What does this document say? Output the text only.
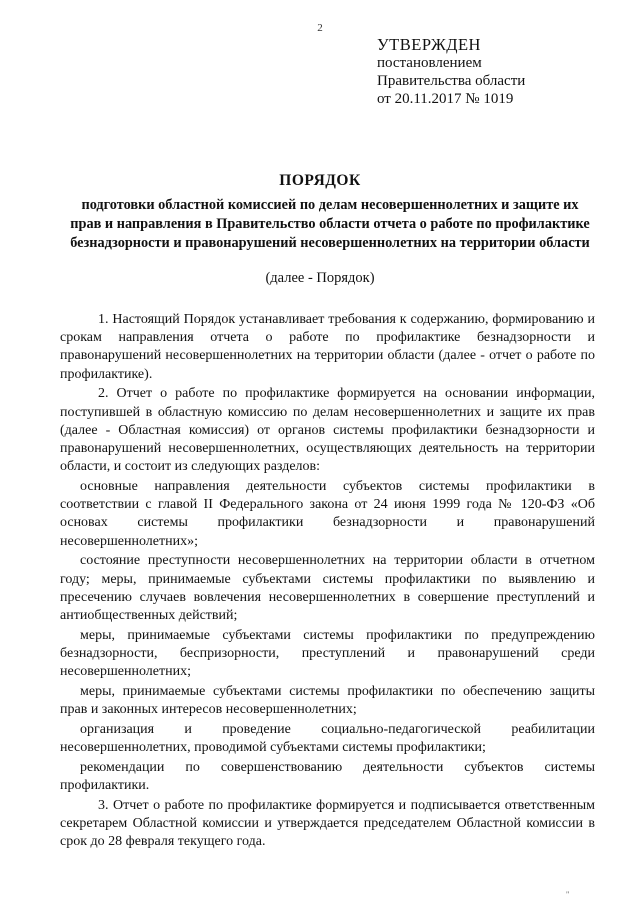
2
УТВЕРЖДЕН
постановлением
Правительства области
от 20.11.2017 № 1019
ПОРЯДОК
подготовки областной комиссией по делам несовершеннолетних и защите их прав и направления в Правительство области отчета о работе по профилактике безнадзорности и правонарушений несовершеннолетних на территории области
(далее - Порядок)

1. Настоящий Порядок устанавливает требования к содержанию, формированию и срокам направления отчета о работе по профилактике безнадзорности и правонарушений несовершеннолетних на территории области (далее - отчет о работе по профилактике).

2. Отчет о работе по профилактике формируется на основании информации, поступившей в областную комиссию по делам несовершеннолетних и защите их прав (далее - Областная комиссия) от органов системы профилактики безнадзорности и правонарушений несовершеннолетних, осуществляющих деятельность на территории области, и состоит из следующих разделов:

основные направления деятельности субъектов системы профилактики в соответствии с главой II Федерального закона от 24 июня 1999 года № 120-ФЗ «Об основах системы профилактики безнадзорности и правонарушений несовершеннолетних»;

состояние преступности несовершеннолетних на территории области в отчетном году; меры, принимаемые субъектами системы профилактики по выявлению и пресечению случаев вовлечения несовершеннолетних в совершение преступлений и антиобщественных действий;

меры, принимаемые субъектами системы профилактики по предупреждению безнадзорности, беспризорности, преступлений и правонарушений среди несовершеннолетних;

меры, принимаемые субъектами системы профилактики по обеспечению защиты прав и законных интересов несовершеннолетних;

организация и проведение социально-педагогической реабилитации несовершеннолетних, проводимой субъектами системы профилактики;

рекомендации по совершенствованию деятельности субъектов системы профилактики.

3. Отчет о работе по профилактике формируется и подписывается ответственным секретарем Областной комиссии и утверждается председателем Областной комиссии в срок до 28 февраля текущего года.

"
